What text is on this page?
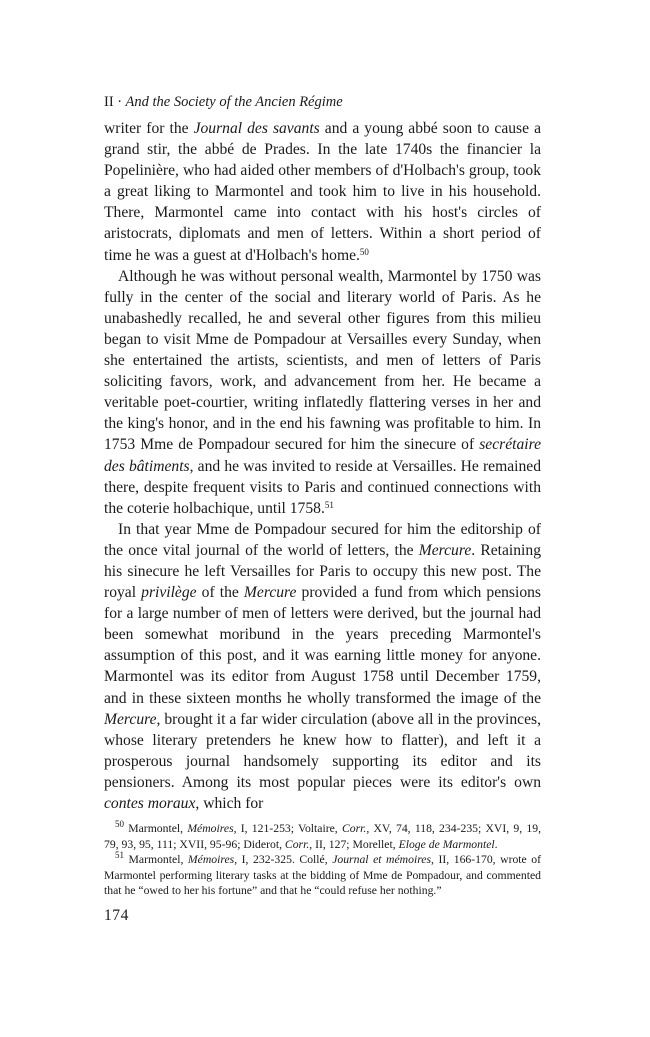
II · And the Society of the Ancien Régime

writer for the Journal des savants and a young abbé soon to cause a grand stir, the abbé de Prades. In the late 1740s the financier la Popelinière, who had aided other members of d'Holbach's group, took a great liking to Marmontel and took him to live in his household. There, Marmontel came into contact with his host's circles of aristocrats, diplomats and men of letters. Within a short period of time he was a guest at d'Holbach's home.$^{50}$

Although he was without personal wealth, Marmontel by 1750 was fully in the center of the social and literary world of Paris. As he unabashedly recalled, he and several other figures from this milieu began to visit Mme de Pompadour at Versailles every Sunday, when she entertained the artists, scientists, and men of letters of Paris soliciting favors, work, and advancement from her. He became a veritable poet-courtier, writing inflatedly flattering verses in her and the king's honor, and in the end his fawning was profitable to him. In 1753 Mme de Pompadour secured for him the sinecure of secrétaire des bâtiments, and he was invited to reside at Versailles. He remained there, despite frequent visits to Paris and continued connections with the coterie holbachique, until 1758.51

In that year Mme de Pompadour secured for him the editorship of the once vital journal of the world of letters, the Mercure. Retaining his sinecure he left Versailles for Paris to occupy this new post. The royal privilège of the Mercure provided a fund from which pensions for a large number of men of letters were derived, but the journal had been somewhat moribund in the years preceding Marmontel's assumption of this post, and it was earning little money for anyone. Marmontel was its editor from August 1758 until December 1759, and in these sixteen months he wholly transformed the image of the Mercure, brought it a far wider circulation (above all in the provinces, whose literary pretenders he knew how to flatter), and left it a prosperous journal handsomely supporting its editor and its pensioners. Among its most popular pieces were its editor's own contes moraux, which for

$^{50}$ Marmontel, Mémoires, I, 121-253; Voltaire, Corr., XV, 74, 118, 234-235; XVI, 9, 19, 79, 93, 95, 111; XVII, 95-96; Diderot, Corr., II, 127; Morellet, Eloge de Marmontel.

$^{51}$ Marmontel, Mémoires, I, 232-325. Collé, Journal et mémoires, II, 166-170, wrote of Marmontel performing literary tasks at the bidding of Mme de Pompadour, and commented that he “owed to her his fortune” and that he “could refuse her nothing.”

174
